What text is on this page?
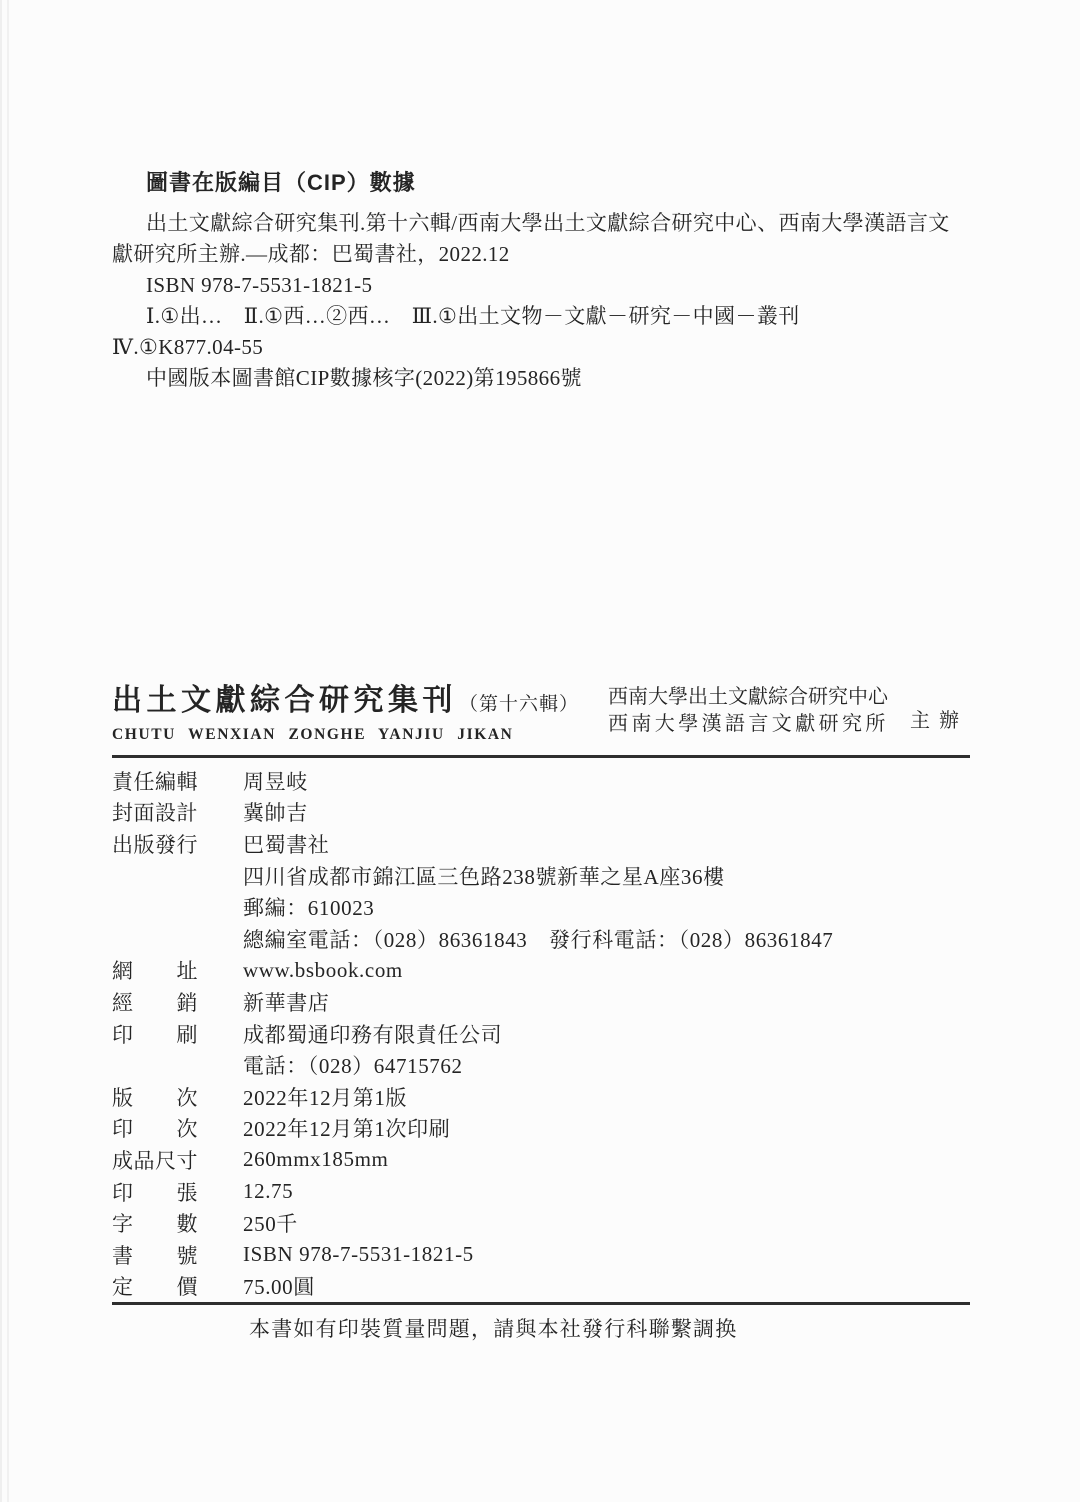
圖書在版編目（CIP）數據
出土文獻綜合研究集刊.第十六輯/西南大學出土文獻綜合研究中心、西南大學漢語言文
獻研究所主辦.—成都：巴蜀書社，2022.12
ISBN 978-7-5531-1821-5
Ⅰ.①出…　Ⅱ.①西…②西…　Ⅲ.①出土文物－文獻－研究－中國－叢刊
Ⅳ.①K877.04-55
中國版本圖書館CIP數據核字(2022)第195866號
出土文獻綜合研究集刊 （第十六輯）
CHUTU WENXIAN ZONGHE YANJIU JIKAN
西南大學出土文獻綜合研究中心
西南大學漢語言文獻研究所 主辦
責任編輯 周昱岐
封面設計 冀帥吉
出版發行 巴蜀書社
四川省成都市錦江區三色路238號新華之星A座36樓
郵編：610023
總編室電話：（028）86361843　發行科電話：（028）86361847
網　　址 www.bsbook.com
經　　銷 新華書店
印　　刷 成都蜀通印務有限責任公司
電話：（028）64715762
版　　次 2022年12月第1版
印　　次 2022年12月第1次印刷
成品尺寸 260mmx185mm
印　　張 12.75
字　　數 250千
書　　號 ISBN 978-7-5531-1821-5
定　　價 75.00圓
本書如有印裝質量問題，請與本社發行科聯繫調换
